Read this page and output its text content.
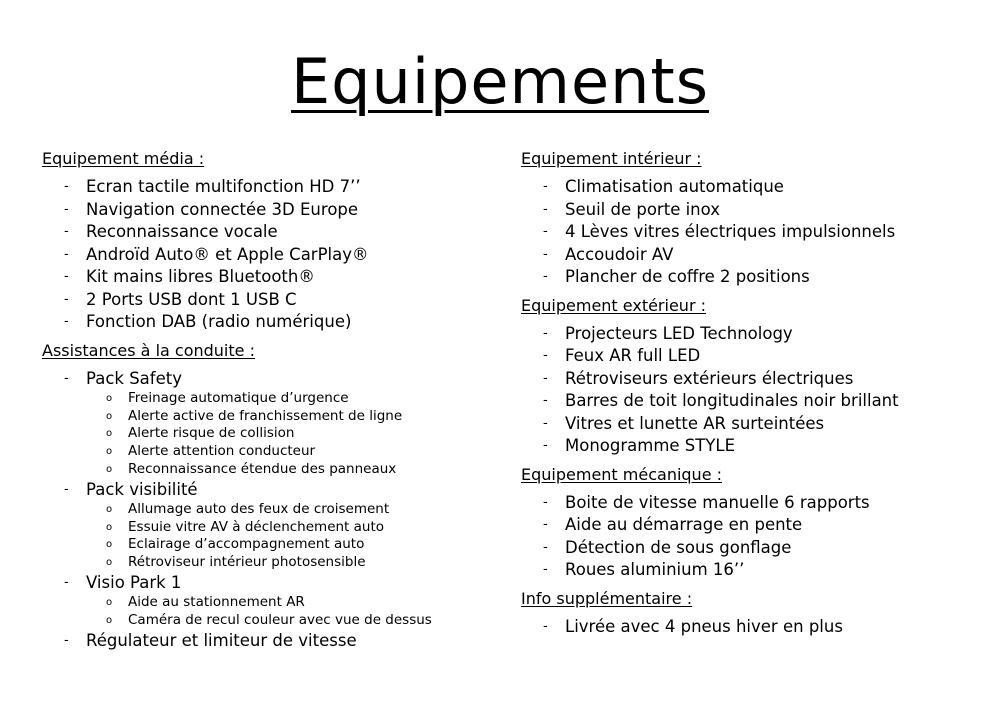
Equipements
Equipement média :
- Ecran tactile multifonction HD 7’’
- Navigation connectée 3D Europe
- Reconnaissance vocale
- Androïd Auto® et Apple CarPlay®
- Kit mains libres Bluetooth®
- 2 Ports USB dont 1 USB C
- Fonction DAB (radio numérique)
Assistances à la conduite :
- Pack Safety
o Freinage automatique d’urgence
o Alerte active de franchissement de ligne
o Alerte risque de collision
o Alerte attention conducteur
o Reconnaissance étendue des panneaux
- Pack visibilité
o Allumage auto des feux de croisement
o Essuie vitre AV à déclenchement auto
o Eclairage d’accompagnement auto
o Rétroviseur intérieur photosensible
- Visio Park 1
o Aide au stationnement AR
o Caméra de recul couleur avec vue de dessus
- Régulateur et limiteur de vitesse
Equipement intérieur :
- Climatisation automatique
- Seuil de porte inox
- 4 Lèves vitres électriques impulsionnels
- Accoudoir AV
- Plancher de coffre 2 positions
Equipement extérieur :
- Projecteurs LED Technology
- Feux AR full LED
- Rétroviseurs extérieurs électriques
- Barres de toit longitudinales noir brillant
- Vitres et lunette AR surteintées
- Monogramme STYLE
Equipement mécanique :
- Boite de vitesse manuelle 6 rapports
- Aide au démarrage en pente
- Détection de sous gonflage
- Roues aluminium 16’’
Info supplémentaire :
- Livrée avec 4 pneus hiver en plus
